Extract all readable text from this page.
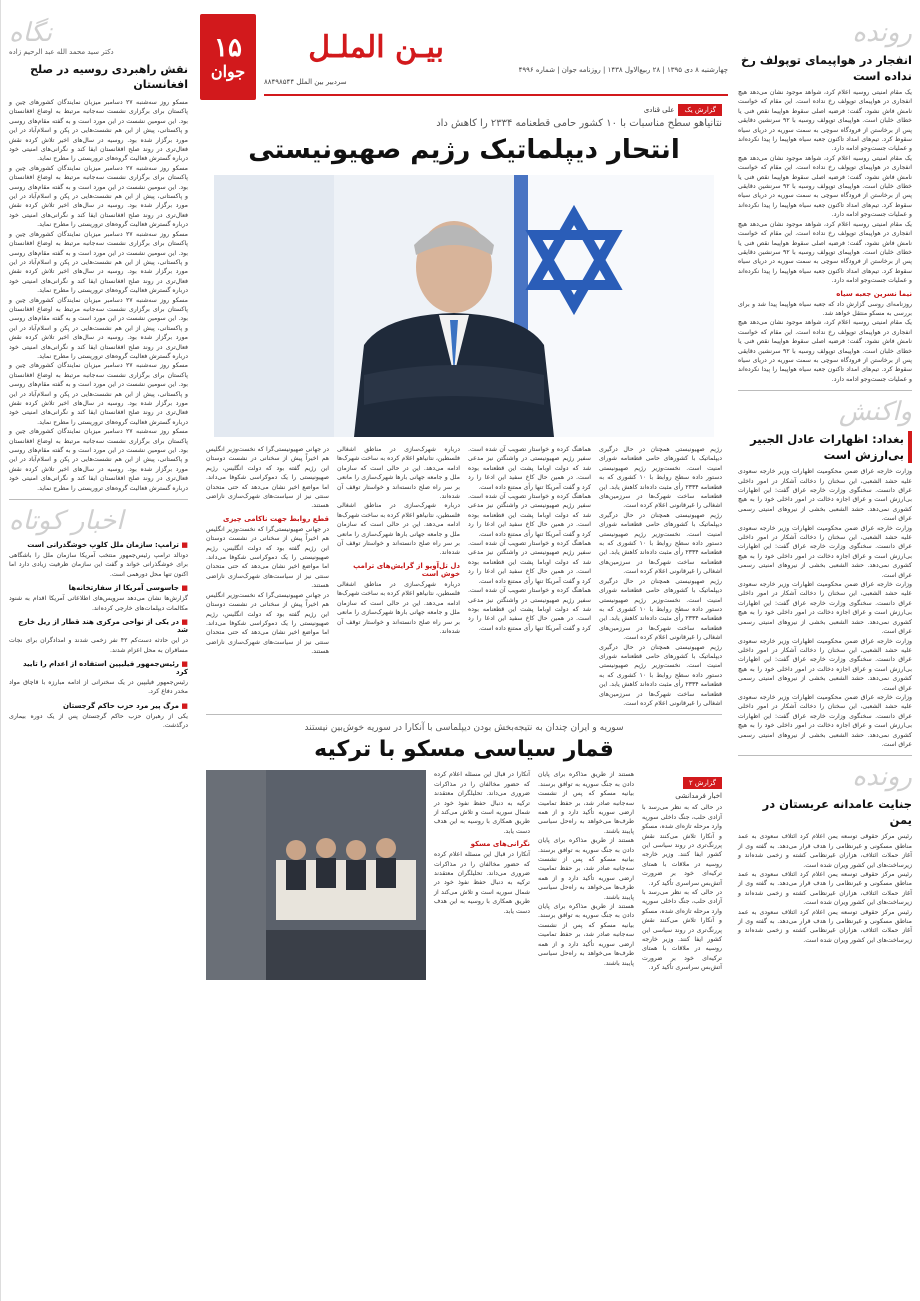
۱۵
جوان
بیـن الملـل
چهارشنبه ۸ دی ۱۳۹۵ | ۲۸ ربیع‌الاول ۱۴۳۸ | روزنامه جوان | شماره ۴۹۹۶
سردبیر بین الملل ۸۸۴۹۸۵۴۴
رونده
انفجار در هواپیمای توپولف رخ نداده است
یک مقام امنیتی روسیه اعلام کرد، شواهد موجود نشان می‌دهد هیچ انفجاری در هواپیمای توپولف رخ نداده است. این مقام که خواست نامش فاش نشود، گفت: فرضیه اصلی سقوط هواپیما نقص فنی یا خطای خلبان است. هواپیمای توپولف روسیه با ۹۲ سرنشین دقایقی پس از برخاستن از فرودگاه سوچی به سمت سوریه در دریای سیاه سقوط کرد. تیم‌های امداد تاکنون جعبه سیاه هواپیما را پیدا نکرده‌اند و عملیات جست‌وجو ادامه دارد.
یک مقام امنیتی روسیه اعلام کرد، شواهد موجود نشان می‌دهد هیچ انفجاری در هواپیمای توپولف رخ نداده است. این مقام که خواست نامش فاش نشود، گفت: فرضیه اصلی سقوط هواپیما نقص فنی یا خطای خلبان است. هواپیمای توپولف روسیه با ۹۲ سرنشین دقایقی پس از برخاستن از فرودگاه سوچی به سمت سوریه در دریای سیاه سقوط کرد. تیم‌های امداد تاکنون جعبه سیاه هواپیما را پیدا نکرده‌اند و عملیات جست‌وجو ادامه دارد.
یک مقام امنیتی روسیه اعلام کرد، شواهد موجود نشان می‌دهد هیچ انفجاری در هواپیمای توپولف رخ نداده است. این مقام که خواست نامش فاش نشود، گفت: فرضیه اصلی سقوط هواپیما نقص فنی یا خطای خلبان است. هواپیمای توپولف روسیه با ۹۲ سرنشین دقایقی پس از برخاستن از فرودگاه سوچی به سمت سوریه در دریای سیاه سقوط کرد. تیم‌های امداد تاکنون جعبه سیاه هواپیما را پیدا نکرده‌اند و عملیات جست‌وجو ادامه دارد.
نیما نسرین جعبه سیاه
روزنامه‌ای روسی گزارش داد که جعبه سیاه هواپیما پیدا شد و برای بررسی به مسکو منتقل خواهد شد.
یک مقام امنیتی روسیه اعلام کرد، شواهد موجود نشان می‌دهد هیچ انفجاری در هواپیمای توپولف رخ نداده است. این مقام که خواست نامش فاش نشود، گفت: فرضیه اصلی سقوط هواپیما نقص فنی یا خطای خلبان است. هواپیمای توپولف روسیه با ۹۲ سرنشین دقایقی پس از برخاستن از فرودگاه سوچی به سمت سوریه در دریای سیاه سقوط کرد. تیم‌های امداد تاکنون جعبه سیاه هواپیما را پیدا نکرده‌اند و عملیات جست‌وجو ادامه دارد.
واکنش
بغداد: اظهارات عادل الجبیر بی‌ارزش است
وزارت خارجه عراق ضمن محکومیت اظهارات وزیر خارجه سعودی علیه حشد الشعبی، این سخنان را دخالت آشکار در امور داخلی عراق دانست. سخنگوی وزارت خارجه عراق گفت: این اظهارات بی‌ارزش است و عراق اجازه دخالت در امور داخلی خود را به هیچ کشوری نمی‌دهد. حشد الشعبی بخشی از نیروهای امنیتی رسمی عراق است.
وزارت خارجه عراق ضمن محکومیت اظهارات وزیر خارجه سعودی علیه حشد الشعبی، این سخنان را دخالت آشکار در امور داخلی عراق دانست. سخنگوی وزارت خارجه عراق گفت: این اظهارات بی‌ارزش است و عراق اجازه دخالت در امور داخلی خود را به هیچ کشوری نمی‌دهد. حشد الشعبی بخشی از نیروهای امنیتی رسمی عراق است.
وزارت خارجه عراق ضمن محکومیت اظهارات وزیر خارجه سعودی علیه حشد الشعبی، این سخنان را دخالت آشکار در امور داخلی عراق دانست. سخنگوی وزارت خارجه عراق گفت: این اظهارات بی‌ارزش است و عراق اجازه دخالت در امور داخلی خود را به هیچ کشوری نمی‌دهد. حشد الشعبی بخشی از نیروهای امنیتی رسمی عراق است.
وزارت خارجه عراق ضمن محکومیت اظهارات وزیر خارجه سعودی علیه حشد الشعبی، این سخنان را دخالت آشکار در امور داخلی عراق دانست. سخنگوی وزارت خارجه عراق گفت: این اظهارات بی‌ارزش است و عراق اجازه دخالت در امور داخلی خود را به هیچ کشوری نمی‌دهد. حشد الشعبی بخشی از نیروهای امنیتی رسمی عراق است.
وزارت خارجه عراق ضمن محکومیت اظهارات وزیر خارجه سعودی علیه حشد الشعبی، این سخنان را دخالت آشکار در امور داخلی عراق دانست. سخنگوی وزارت خارجه عراق گفت: این اظهارات بی‌ارزش است و عراق اجازه دخالت در امور داخلی خود را به هیچ کشوری نمی‌دهد. حشد الشعبی بخشی از نیروهای امنیتی رسمی عراق است.
رونده
جنایت عامدانه عربستان در یمن
رئیس مرکز حقوقی توسعه یمن اعلام کرد ائتلاف سعودی به عمد مناطق مسکونی و غیرنظامی را هدف قرار می‌دهد. به گفته وی از آغاز حملات ائتلاف، هزاران غیرنظامی کشته و زخمی شده‌اند و زیرساخت‌های این کشور ویران شده است.
رئیس مرکز حقوقی توسعه یمن اعلام کرد ائتلاف سعودی به عمد مناطق مسکونی و غیرنظامی را هدف قرار می‌دهد. به گفته وی از آغاز حملات ائتلاف، هزاران غیرنظامی کشته و زخمی شده‌اند و زیرساخت‌های این کشور ویران شده است.
رئیس مرکز حقوقی توسعه یمن اعلام کرد ائتلاف سعودی به عمد مناطق مسکونی و غیرنظامی را هدف قرار می‌دهد. به گفته وی از آغاز حملات ائتلاف، هزاران غیرنظامی کشته و زخمی شده‌اند و زیرساخت‌های این کشور ویران شده است.
گزارش یک
علی قنادی
نتانیاهو سطح مناسبات با ۱۰ کشور حامی قطعنامه ۲۳۳۴ را کاهش داد
انتحار دیپلماتیک رژیم صهیونیستی
رژیم صهیونیستی همچنان در حال درگیری دیپلماتیک با کشورهای حامی قطعنامه شورای امنیت است. نخست‌وزیر رژیم صهیونیستی دستور داده سطح روابط با ۱۰ کشوری که به قطعنامه ۲۳۳۴ رأی مثبت داده‌اند کاهش یابد. این قطعنامه ساخت شهرک‌ها در سرزمین‌های اشغالی را غیرقانونی اعلام کرده است.
رژیم صهیونیستی همچنان در حال درگیری دیپلماتیک با کشورهای حامی قطعنامه شورای امنیت است. نخست‌وزیر رژیم صهیونیستی دستور داده سطح روابط با ۱۰ کشوری که به قطعنامه ۲۳۳۴ رأی مثبت داده‌اند کاهش یابد. این قطعنامه ساخت شهرک‌ها در سرزمین‌های اشغالی را غیرقانونی اعلام کرده است.
رژیم صهیونیستی همچنان در حال درگیری دیپلماتیک با کشورهای حامی قطعنامه شورای امنیت است. نخست‌وزیر رژیم صهیونیستی دستور داده سطح روابط با ۱۰ کشوری که به قطعنامه ۲۳۳۴ رأی مثبت داده‌اند کاهش یابد. این قطعنامه ساخت شهرک‌ها در سرزمین‌های اشغالی را غیرقانونی اعلام کرده است.
رژیم صهیونیستی همچنان در حال درگیری دیپلماتیک با کشورهای حامی قطعنامه شورای امنیت است. نخست‌وزیر رژیم صهیونیستی دستور داده سطح روابط با ۱۰ کشوری که به قطعنامه ۲۳۳۴ رأی مثبت داده‌اند کاهش یابد. این قطعنامه ساخت شهرک‌ها در سرزمین‌های اشغالی را غیرقانونی اعلام کرده است.
هماهنگ کرده و خواستار تصویب آن شده است. سفیر رژیم صهیونیستی در واشنگتن نیز مدعی شد که دولت اوباما پشت این قطعنامه بوده است. در همین حال کاخ سفید این ادعا را رد کرد و گفت آمریکا تنها رأی ممتنع داده است.
هماهنگ کرده و خواستار تصویب آن شده است. سفیر رژیم صهیونیستی در واشنگتن نیز مدعی شد که دولت اوباما پشت این قطعنامه بوده است. در همین حال کاخ سفید این ادعا را رد کرد و گفت آمریکا تنها رأی ممتنع داده است.
هماهنگ کرده و خواستار تصویب آن شده است. سفیر رژیم صهیونیستی در واشنگتن نیز مدعی شد که دولت اوباما پشت این قطعنامه بوده است. در همین حال کاخ سفید این ادعا را رد کرد و گفت آمریکا تنها رأی ممتنع داده است.
هماهنگ کرده و خواستار تصویب آن شده است. سفیر رژیم صهیونیستی در واشنگتن نیز مدعی شد که دولت اوباما پشت این قطعنامه بوده است. در همین حال کاخ سفید این ادعا را رد کرد و گفت آمریکا تنها رأی ممتنع داده است.
درباره شهرک‌سازی در مناطق اشغالی فلسطین، نتانیاهو اعلام کرده به ساخت شهرک‌ها ادامه می‌دهد. این در حالی است که سازمان ملل و جامعه جهانی بارها شهرک‌سازی را مانعی بر سر راه صلح دانسته‌اند و خواستار توقف آن شده‌اند.
درباره شهرک‌سازی در مناطق اشغالی فلسطین، نتانیاهو اعلام کرده به ساخت شهرک‌ها ادامه می‌دهد. این در حالی است که سازمان ملل و جامعه جهانی بارها شهرک‌سازی را مانعی بر سر راه صلح دانسته‌اند و خواستار توقف آن شده‌اند.
دل تل‌آویو از گرایش‌های ترامپ خوش است
درباره شهرک‌سازی در مناطق اشغالی فلسطین، نتانیاهو اعلام کرده به ساخت شهرک‌ها ادامه می‌دهد. این در حالی است که سازمان ملل و جامعه جهانی بارها شهرک‌سازی را مانعی بر سر راه صلح دانسته‌اند و خواستار توقف آن شده‌اند.
در جهانی صهیونیستی‌گرا که نخست‌وزیر انگلیس هم اخیراً پیش از سخنانی در نشست دوستان این رژیم گفته بود که دولت انگلیس، رژیم صهیونیستی را یک دموکراسی شکوفا می‌داند. اما مواضع اخیر نشان می‌دهد که حتی متحدان سنتی نیز از سیاست‌های شهرک‌سازی ناراضی هستند.
قطع روابط جهت ناکامی چیزی
در جهانی صهیونیستی‌گرا که نخست‌وزیر انگلیس هم اخیراً پیش از سخنانی در نشست دوستان این رژیم گفته بود که دولت انگلیس، رژیم صهیونیستی را یک دموکراسی شکوفا می‌داند. اما مواضع اخیر نشان می‌دهد که حتی متحدان سنتی نیز از سیاست‌های شهرک‌سازی ناراضی هستند.
در جهانی صهیونیستی‌گرا که نخست‌وزیر انگلیس هم اخیراً پیش از سخنانی در نشست دوستان این رژیم گفته بود که دولت انگلیس، رژیم صهیونیستی را یک دموکراسی شکوفا می‌داند. اما مواضع اخیر نشان می‌دهد که حتی متحدان سنتی نیز از سیاست‌های شهرک‌سازی ناراضی هستند.
سوریه و ایران چندان به نتیجه‌بخش بودن دیپلماسی با آنکارا در سوریه خوش‌بین نیستند
قمار سیاسی مسکو با ترکیه
گزارش ۲
اخبار فرمدانشی
در حالی که به نظر می‌رسد با آزادی حلب، جنگ داخلی سوریه وارد مرحله تازه‌ای شده، مسکو و آنکارا تلاش می‌کنند نقش پررنگ‌تری در روند سیاسی این کشور ایفا کنند. وزیر خارجه روسیه در ملاقات با همتای ترکیه‌ای خود بر ضرورت آتش‌بس سراسری تأکید کرد.
در حالی که به نظر می‌رسد با آزادی حلب، جنگ داخلی سوریه وارد مرحله تازه‌ای شده، مسکو و آنکارا تلاش می‌کنند نقش پررنگ‌تری در روند سیاسی این کشور ایفا کنند. وزیر خارجه روسیه در ملاقات با همتای ترکیه‌ای خود بر ضرورت آتش‌بس سراسری تأکید کرد.
هستند از طریق مذاکره برای پایان دادن به جنگ سوریه به توافق برسند. بیانیه مسکو که پس از نشست سه‌جانبه صادر شد، بر حفظ تمامیت ارضی سوریه تأکید دارد و از همه طرف‌ها می‌خواهد به راه‌حل سیاسی پایبند باشند.
هستند از طریق مذاکره برای پایان دادن به جنگ سوریه به توافق برسند. بیانیه مسکو که پس از نشست سه‌جانبه صادر شد، بر حفظ تمامیت ارضی سوریه تأکید دارد و از همه طرف‌ها می‌خواهد به راه‌حل سیاسی پایبند باشند.
هستند از طریق مذاکره برای پایان دادن به جنگ سوریه به توافق برسند. بیانیه مسکو که پس از نشست سه‌جانبه صادر شد، بر حفظ تمامیت ارضی سوریه تأکید دارد و از همه طرف‌ها می‌خواهد به راه‌حل سیاسی پایبند باشند.
آنکارا در قبال این مسئله اعلام کرده که حضور مخالفان را در مذاکرات ضروری می‌داند. تحلیلگران معتقدند ترکیه به دنبال حفظ نفوذ خود در شمال سوریه است و تلاش می‌کند از طریق همکاری با روسیه به این هدف دست یابد.
نگرانی‌های مسکو
آنکارا در قبال این مسئله اعلام کرده که حضور مخالفان را در مذاکرات ضروری می‌داند. تحلیلگران معتقدند ترکیه به دنبال حفظ نفوذ خود در شمال سوریه است و تلاش می‌کند از طریق همکاری با روسیه به این هدف دست یابد.
نگاه
دکتر سید محمد الله عبد الرحیم زاده
نقش راهبردی روسیه در صلح افغانستان
مسکو روز سه‌شنبه ۲۷ دسامبر میزبان نمایندگان کشورهای چین و پاکستان برای برگزاری نشست سه‌جانبه مرتبط به اوضاع افغانستان بود. این سومین نشست در این مورد است و به گفته مقام‌های روسی و پاکستانی، پیش از این هم نشست‌هایی در پکن و اسلام‌آباد در این مورد برگزار شده بود. روسیه در سال‌های اخیر تلاش کرده نقش فعال‌تری در روند صلح افغانستان ایفا کند و نگرانی‌های امنیتی خود درباره گسترش فعالیت گروه‌های تروریستی را مطرح نماید.
مسکو روز سه‌شنبه ۲۷ دسامبر میزبان نمایندگان کشورهای چین و پاکستان برای برگزاری نشست سه‌جانبه مرتبط به اوضاع افغانستان بود. این سومین نشست در این مورد است و به گفته مقام‌های روسی و پاکستانی، پیش از این هم نشست‌هایی در پکن و اسلام‌آباد در این مورد برگزار شده بود. روسیه در سال‌های اخیر تلاش کرده نقش فعال‌تری در روند صلح افغانستان ایفا کند و نگرانی‌های امنیتی خود درباره گسترش فعالیت گروه‌های تروریستی را مطرح نماید.
مسکو روز سه‌شنبه ۲۷ دسامبر میزبان نمایندگان کشورهای چین و پاکستان برای برگزاری نشست سه‌جانبه مرتبط به اوضاع افغانستان بود. این سومین نشست در این مورد است و به گفته مقام‌های روسی و پاکستانی، پیش از این هم نشست‌هایی در پکن و اسلام‌آباد در این مورد برگزار شده بود. روسیه در سال‌های اخیر تلاش کرده نقش فعال‌تری در روند صلح افغانستان ایفا کند و نگرانی‌های امنیتی خود درباره گسترش فعالیت گروه‌های تروریستی را مطرح نماید.
مسکو روز سه‌شنبه ۲۷ دسامبر میزبان نمایندگان کشورهای چین و پاکستان برای برگزاری نشست سه‌جانبه مرتبط به اوضاع افغانستان بود. این سومین نشست در این مورد است و به گفته مقام‌های روسی و پاکستانی، پیش از این هم نشست‌هایی در پکن و اسلام‌آباد در این مورد برگزار شده بود. روسیه در سال‌های اخیر تلاش کرده نقش فعال‌تری در روند صلح افغانستان ایفا کند و نگرانی‌های امنیتی خود درباره گسترش فعالیت گروه‌های تروریستی را مطرح نماید.
مسکو روز سه‌شنبه ۲۷ دسامبر میزبان نمایندگان کشورهای چین و پاکستان برای برگزاری نشست سه‌جانبه مرتبط به اوضاع افغانستان بود. این سومین نشست در این مورد است و به گفته مقام‌های روسی و پاکستانی، پیش از این هم نشست‌هایی در پکن و اسلام‌آباد در این مورد برگزار شده بود. روسیه در سال‌های اخیر تلاش کرده نقش فعال‌تری در روند صلح افغانستان ایفا کند و نگرانی‌های امنیتی خود درباره گسترش فعالیت گروه‌های تروریستی را مطرح نماید.
مسکو روز سه‌شنبه ۲۷ دسامبر میزبان نمایندگان کشورهای چین و پاکستان برای برگزاری نشست سه‌جانبه مرتبط به اوضاع افغانستان بود. این سومین نشست در این مورد است و به گفته مقام‌های روسی و پاکستانی، پیش از این هم نشست‌هایی در پکن و اسلام‌آباد در این مورد برگزار شده بود. روسیه در سال‌های اخیر تلاش کرده نقش فعال‌تری در روند صلح افغانستان ایفا کند و نگرانی‌های امنیتی خود درباره گسترش فعالیت گروه‌های تروریستی را مطرح نماید.
اخبار کوتاه
■ ترامپ: سازمان ملل کلوپ خوشگذرانی است
دونالد ترامپ رئیس‌جمهور منتخب آمریکا سازمان ملل را باشگاهی برای خوشگذرانی خواند و گفت این سازمان ظرفیت زیادی دارد اما اکنون تنها محل دورهمی است.
■ جاسوسی آمریکا از سفارتخانه‌ها
گزارش‌ها نشان می‌دهد سرویس‌های اطلاعاتی آمریکا اقدام به شنود مکالمات دیپلمات‌های خارجی کرده‌اند.
■ در یکی از نواحی مرکزی هند قطار از ریل خارج شد
در این حادثه دست‌کم ۴۲ نفر زخمی شدند و امدادگران برای نجات مسافران به محل اعزام شدند.
■ رئیس‌جمهور فیلیپین استفاده از اعدام را تایید کرد
رئیس‌جمهور فیلیپین در یک سخنرانی از ادامه مبارزه با قاچاق مواد مخدر دفاع کرد.
■ مرگ پیر مرد حزب حاکم گرجستان
یکی از رهبران حزب حاکم گرجستان پس از یک دوره بیماری درگذشت.
